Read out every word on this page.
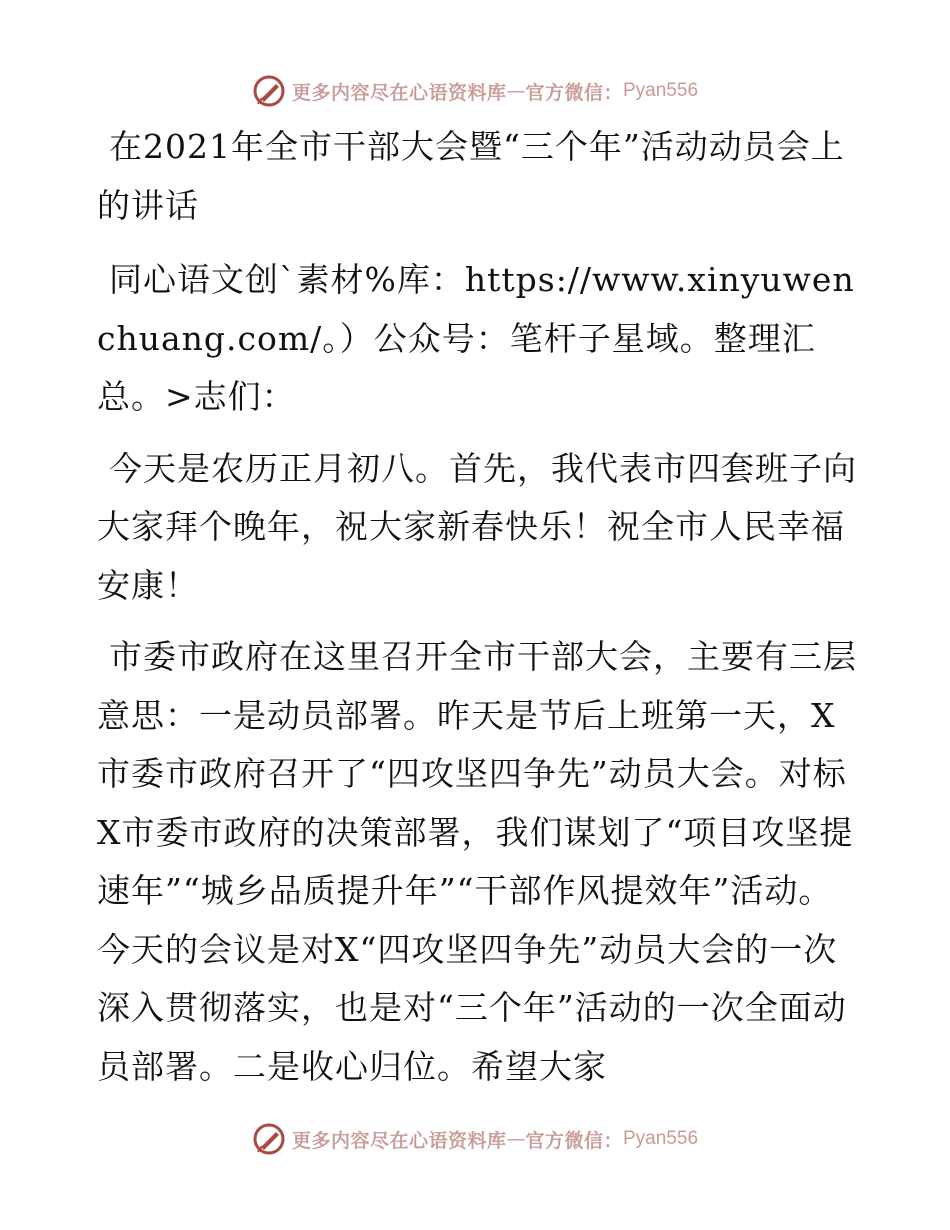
更多内容尽在心语资料库 — 官方微信： Pyan556

在2021年全市干部大会暨“三个年”活动动员会上的讲话

同心语文创`素材%库：https://www.xinyuwenchuang.com/。）公众号：笔杆子星域。整理汇总。>志们：

今天是农历正月初八。首先，我代表市四套班子向大家拜个晚年，祝大家新春快乐！祝全市人民幸福安康！

市委市政府在这里召开全市干部大会，主要有三层意思：一是动员部署。昨天是节后上班第一天，X市委市政府召开了“四攻坚四争先”动员大会。对标X市委市政府的决策部署，我们谋划了“项目攻坚提速年”“城乡品质提升年”“干部作风提效年”活动。今天的会议是对X“四攻坚四争先”动员大会的一次深入贯彻落实，也是对“三个年”活动的一次全面动员部署。二是收心归位。希望大家

更多内容尽在心语资料库 — 官方微信： Pyan556
